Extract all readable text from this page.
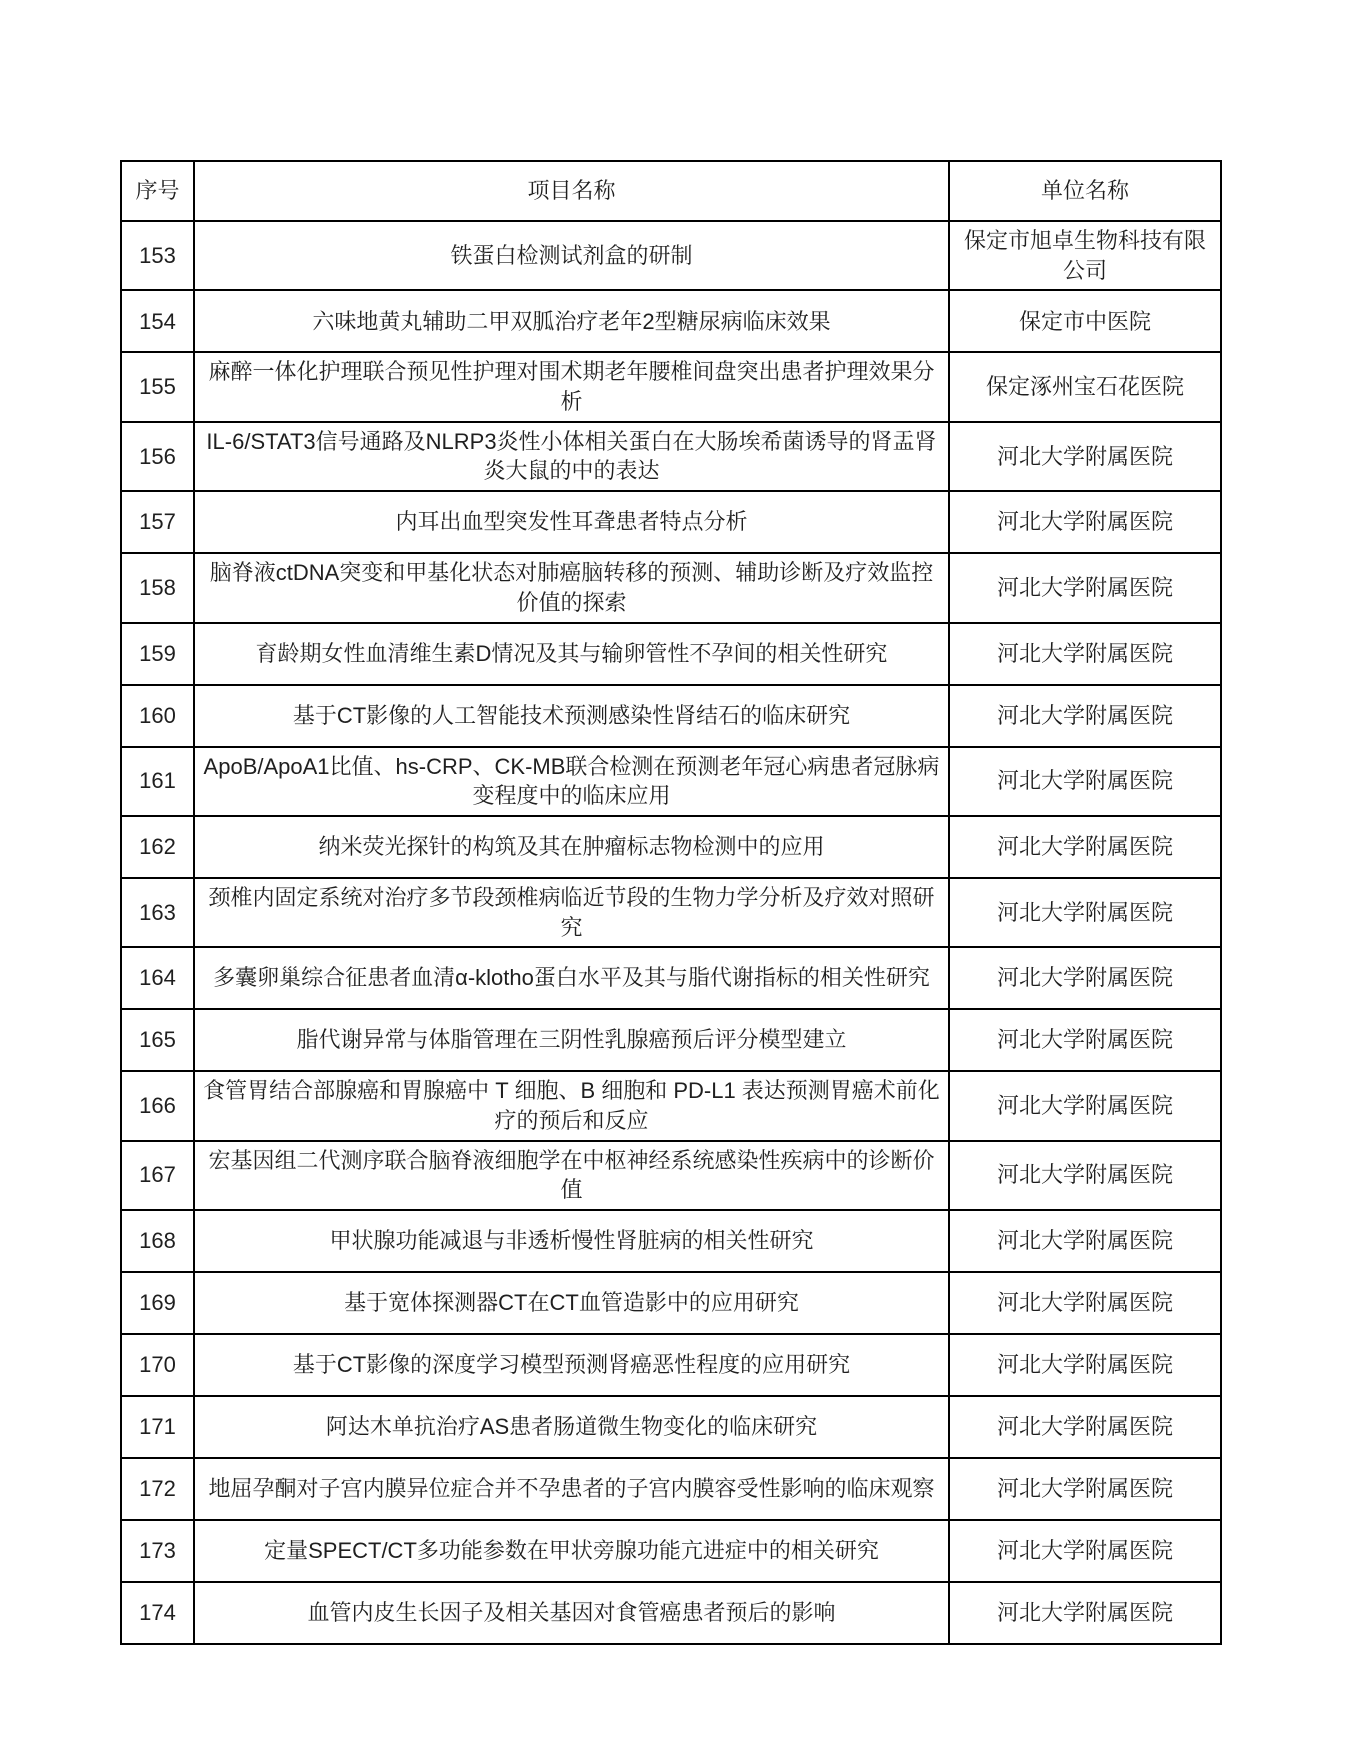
序号	项目名称	单位名称
153	铁蛋白检测试剂盒的研制	保定市旭卓生物科技有限公司
154	六味地黄丸辅助二甲双胍治疗老年2型糖尿病临床效果	保定市中医院
155	麻醉一体化护理联合预见性护理对围术期老年腰椎间盘突出患者护理效果分析	保定涿州宝石花医院
156	IL-6/STAT3信号通路及NLRP3炎性小体相关蛋白在大肠埃希菌诱导的肾盂肾炎大鼠的中的表达	河北大学附属医院
157	内耳出血型突发性耳聋患者特点分析	河北大学附属医院
158	脑脊液ctDNA突变和甲基化状态对肺癌脑转移的预测、辅助诊断及疗效监控价值的探索	河北大学附属医院
159	育龄期女性血清维生素D情况及其与输卵管性不孕间的相关性研究	河北大学附属医院
160	基于CT影像的人工智能技术预测感染性肾结石的临床研究	河北大学附属医院
161	ApoB/ApoA1比值、hs-CRP、CK-MB联合检测在预测老年冠心病患者冠脉病变程度中的临床应用	河北大学附属医院
162	纳米荧光探针的构筑及其在肿瘤标志物检测中的应用	河北大学附属医院
163	颈椎内固定系统对治疗多节段颈椎病临近节段的生物力学分析及疗效对照研究	河北大学附属医院
164	多囊卵巢综合征患者血清α-klotho蛋白水平及其与脂代谢指标的相关性研究	河北大学附属医院
165	脂代谢异常与体脂管理在三阴性乳腺癌预后评分模型建立	河北大学附属医院
166	食管胃结合部腺癌和胃腺癌中 T 细胞、B 细胞和 PD-L1 表达预测胃癌术前化疗的预后和反应	河北大学附属医院
167	宏基因组二代测序联合脑脊液细胞学在中枢神经系统感染性疾病中的诊断价值	河北大学附属医院
168	甲状腺功能减退与非透析慢性肾脏病的相关性研究	河北大学附属医院
169	基于宽体探测器CT在CT血管造影中的应用研究	河北大学附属医院
170	基于CT影像的深度学习模型预测肾癌恶性程度的应用研究	河北大学附属医院
171	阿达木单抗治疗AS患者肠道微生物变化的临床研究	河北大学附属医院
172	地屈孕酮对子宫内膜异位症合并不孕患者的子宫内膜容受性影响的临床观察	河北大学附属医院
173	定量SPECT/CT多功能参数在甲状旁腺功能亢进症中的相关研究	河北大学附属医院
174	血管内皮生长因子及相关基因对食管癌患者预后的影响	河北大学附属医院
